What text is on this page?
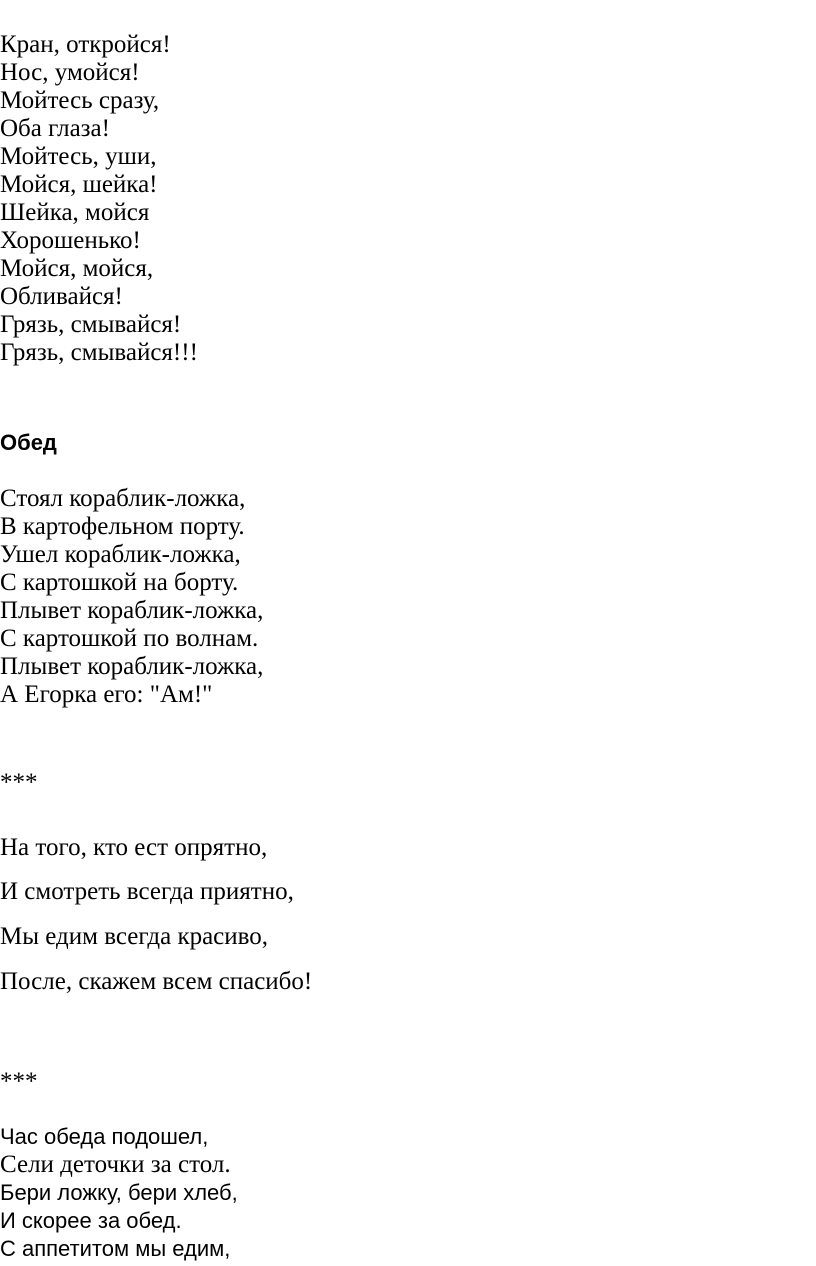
Кран, откройся!

Нос, умойся!

Мойтесь сразу,

Оба глаза!

Мойтесь, уши,

Мойся, шейка!

Шейка, мойся

Хорошенько!

Мойся, мойся,

Обливайся!

Грязь, смывайся!

Грязь, смывайся!!!

Обед

Стоял кораблик-ложка,

В картофельном порту.

Ушел кораблик-ложка,

С картошкой на борту.

Плывет кораблик-ложка,

С картошкой по волнам.

Плывет кораблик-ложка,

А Егорка его: "Ам!"

***

На того, кто ест опрятно,

И смотреть всегда приятно,

Мы едим всегда красиво,

После, скажем всем спасибо!

***

Час обеда подошел,

Сели деточки за стол.

Бери ложку, бери хлеб,

И скорее за обед.

С аппетитом мы едим,
